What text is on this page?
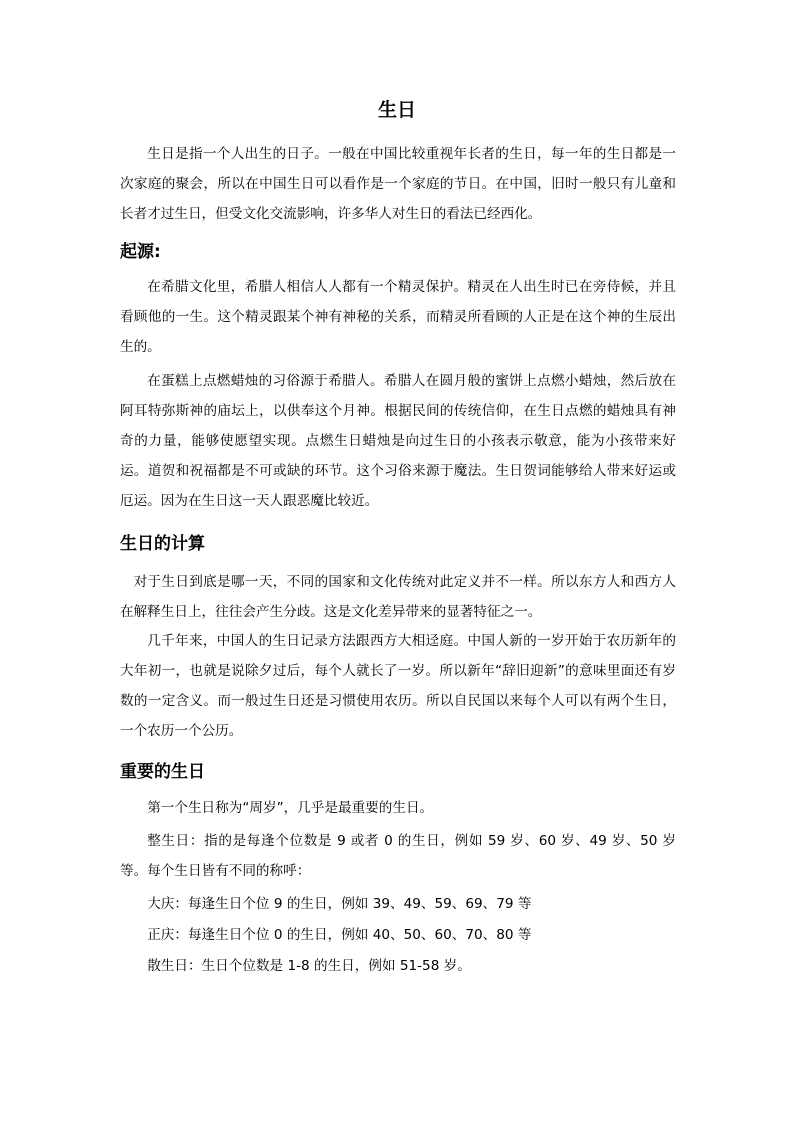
生日

生日是指一个人出生的日子。一般在中国比较重视年长者的生日，每一年的生日都是一次家庭的聚会，所以在中国生日可以看作是一个家庭的节日。在中国，旧时一般只有儿童和长者才过生日，但受文化交流影响，许多华人对生日的看法已经西化。

起源:

在希腊文化里，希腊人相信人人都有一个精灵保护。精灵在人出生时已在旁侍候，并且看顾他的一生。这个精灵跟某个神有神秘的关系，而精灵所看顾的人正是在这个神的生辰出生的。

在蛋糕上点燃蜡烛的习俗源于希腊人。希腊人在圆月般的蜜饼上点燃小蜡烛，然后放在阿耳特弥斯神的庙坛上，以供奉这个月神。根据民间的传统信仰，在生日点燃的蜡烛具有神奇的力量，能够使愿望实现。点燃生日蜡烛是向过生日的小孩表示敬意，能为小孩带来好运。道贺和祝福都是不可或缺的环节。这个习俗来源于魔法。生日贺词能够给人带来好运或厄运。因为在生日这一天人跟恶魔比较近。

生日的计算

对于生日到底是哪一天，不同的国家和文化传统对此定义并不一样。所以东方人和西方人在解释生日上，往往会产生分歧。这是文化差异带来的显著特征之一。

几千年来，中国人的生日记录方法跟西方大相迳庭。中国人新的一岁开始于农历新年的大年初一，也就是说除夕过后，每个人就长了一岁。所以新年“辞旧迎新”的意味里面还有岁数的一定含义。而一般过生日还是习惯使用农历。所以自民国以来每个人可以有两个生日，一个农历一个公历。

重要的生日

第一个生日称为“周岁”，几乎是最重要的生日。

整生日：指的是每逢个位数是 9 或者 0 的生日，例如 59 岁、60 岁、49 岁、50 岁等。每个生日皆有不同的称呼：

大庆：每逢生日个位 9 的生日，例如 39、49、59、69、79 等

正庆：每逢生日个位 0 的生日，例如 40、50、60、70、80 等

散生日：生日个位数是 1-8 的生日，例如 51-58 岁。
